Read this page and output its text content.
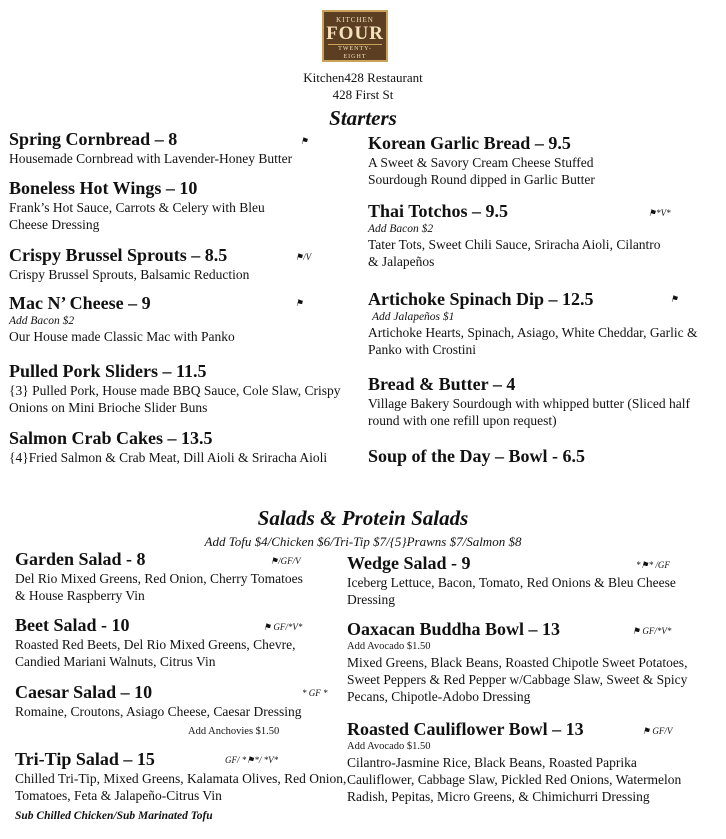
KITCHEN
FOUR
TWENTY-EIGHT
Kitchen428 Restaurant
428 First St
Starters
Spring Cornbread – 8
Housemade Cornbread with Lavender-Honey Butter
⚑
Boneless Hot Wings – 10
Frank’s Hot Sauce, Carrots & Celery with Bleu Cheese Dressing
Crispy Brussel Sprouts – 8.5
Crispy Brussel Sprouts, Balsamic Reduction
⚑/V
Mac N’ Cheese – 9
Add Bacon $2
Our House made Classic Mac with Panko
⚑
Pulled Pork Sliders – 11.5
{3} Pulled Pork, House made BBQ Sauce, Cole Slaw, Crispy Onions on Mini Brioche Slider Buns
Salmon Crab Cakes – 13.5
{4}Fried Salmon & Crab Meat, Dill Aioli & Sriracha Aioli
Korean Garlic Bread – 9.5
A Sweet & Savory Cream Cheese Stuffed Sourdough Round dipped in Garlic Butter
Thai Totchos – 9.5
Add Bacon $2
Tater Tots, Sweet Chili Sauce, Sriracha Aioli, Cilantro & Jalapeños
⚑*V*
Artichoke Spinach Dip – 12.5
Add Jalapeños $1
Artichoke Hearts, Spinach, Asiago, White Cheddar, Garlic & Panko with Crostini
⚑
Bread & Butter – 4
Village Bakery Sourdough with whipped butter (Sliced half round with one refill upon request)
Soup of the Day – Bowl - 6.5
Salads & Protein Salads
Add Tofu $4/Chicken $6/Tri-Tip $7/{5}Prawns $7/Salmon $8
Garden Salad - 8
Del Rio Mixed Greens, Red Onion, Cherry Tomatoes & House Raspberry Vin
⚑/GF/V
Beet Salad - 10
Roasted Red Beets, Del Rio Mixed Greens, Chevre, Candied Mariani Walnuts, Citrus Vin
⚑ GF/*V*
Caesar Salad – 10
Romaine, Croutons, Asiago Cheese, Caesar Dressing
Add Anchovies $1.50
* GF *
Tri-Tip Salad – 15
Chilled Tri-Tip, Mixed Greens, Kalamata Olives, Red Onion, Tomatoes, Feta & Jalapeño-Citrus Vin
GF/ *⚑*/ *V*
Sub Chilled Chicken/Sub Marinated Tofu
Wedge Salad - 9
Iceberg Lettuce, Bacon, Tomato, Red Onions & Bleu Cheese Dressing
*⚑* /GF
Oaxacan Buddha Bowl – 13
Add Avocado $1.50
Mixed Greens, Black Beans, Roasted Chipotle Sweet Potatoes, Sweet Peppers & Red Pepper w/Cabbage Slaw, Sweet & Spicy Pecans, Chipotle-Adobo Dressing
⚑ GF/*V*
Roasted Cauliflower Bowl – 13
Add Avocado $1.50
Cilantro-Jasmine Rice, Black Beans, Roasted Paprika Cauliflower, Cabbage Slaw, Pickled Red Onions, Watermelon Radish, Pepitas, Micro Greens, & Chimichurri Dressing
⚑ GF/V
